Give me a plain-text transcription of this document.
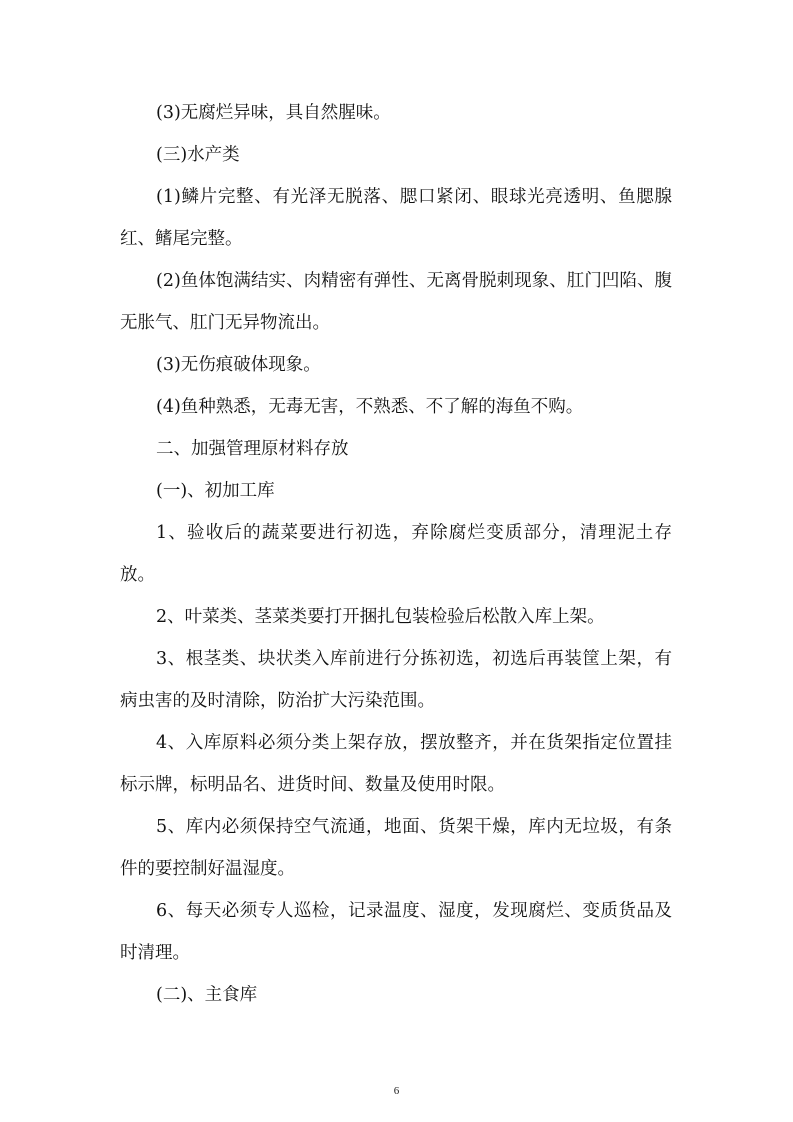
(3)无腐烂异味，具自然腥味。

(三)水产类

(1)鳞片完整、有光泽无脱落、腮口紧闭、眼球光亮透明、鱼腮腺红、鳍尾完整。

(2)鱼体饱满结实、肉精密有弹性、无离骨脱刺现象、肛门凹陷、腹无胀气、肛门无异物流出。

(3)无伤痕破体现象。

(4)鱼种熟悉，无毒无害，不熟悉、不了解的海鱼不购。

二、加强管理原材料存放

(一)、初加工库

1、验收后的蔬菜要进行初选，弃除腐烂变质部分，清理泥土存放。

2、叶菜类、茎菜类要打开捆扎包装检验后松散入库上架。

3、根茎类、块状类入库前进行分拣初选，初选后再装筐上架，有病虫害的及时清除，防治扩大污染范围。

4、入库原料必须分类上架存放，摆放整齐，并在货架指定位置挂标示牌，标明品名、进货时间、数量及使用时限。

5、库内必须保持空气流通，地面、货架干燥，库内无垃圾，有条件的要控制好温湿度。

6、每天必须专人巡检，记录温度、湿度，发现腐烂、变质货品及时清理。

(二)、主食库

6
